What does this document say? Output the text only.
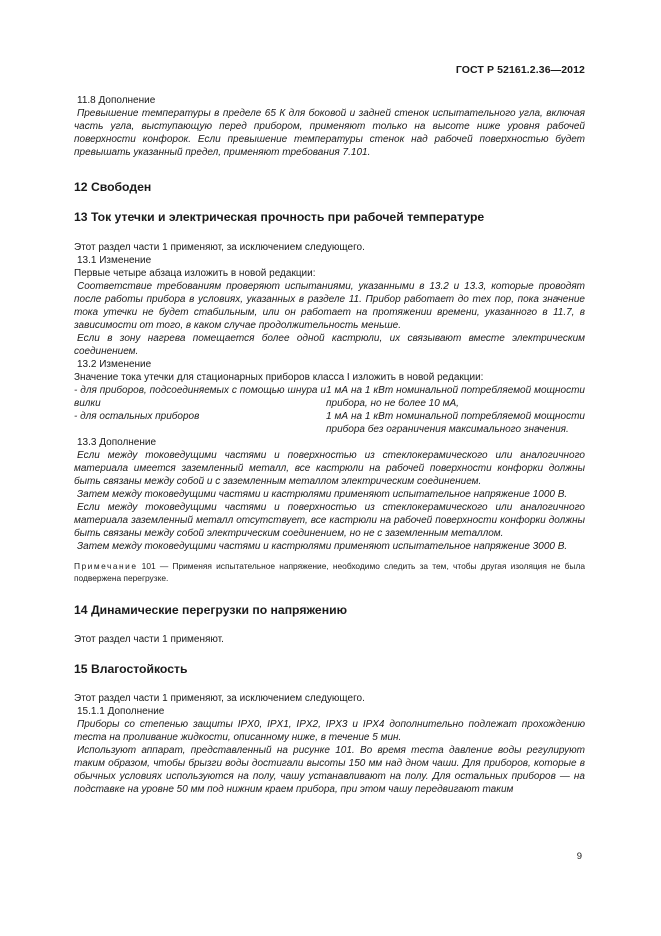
ГОСТ Р 52161.2.36—2012

11.8 Дополнение

Превышение температуры в пределе 65 К для боковой и задней стенок испытательного угла, включая часть угла, выступающую перед прибором, применяют только на высоте ниже уровня рабочей поверхности конфорок. Если превышение температуры стенок над рабочей поверхностью будет превышать указанный предел, применяют требования 7.101.

12 Свободен
13 Ток утечки и электрическая прочность при рабочей температуре

Этот раздел части 1 применяют, за исключением следующего.

13.1 Изменение

Первые четыре абзаца изложить в новой редакции:

Соответствие требованиям проверяют испытаниями, указанными в 13.2 и 13.3, которые проводят после работы прибора в условиях, указанных в разделе 11. Прибор работает до тех пор, пока значение тока утечки не будет стабильным, или он работает на протяжении времени, указанного в 11.7, в зависимости от того, в каком случае продолжительность меньше.

Если в зону нагрева помещается более одной кастрюли, их связывают вместе электрическим соединением.

13.2 Изменение

Значение тока утечки для стационарных приборов класса I изложить в новой редакции:

- для приборов, подсоединяемых с помощью шнура и вилки

1 мА на 1 кВт номинальной потребляемой мощности прибора, но не более 10 мА,

- для остальных приборов	1 мА на 1 кВт номинальной потребляемой мощности прибора без ограничения максимального значения.

13.3 Дополнение

Если между токоведущими частями и поверхностью из стеклокерамического или аналогичного материала имеется заземленный металл, все кастрюли на рабочей поверхности конфорки должны быть связаны между собой и с заземленным металлом электрическим соединением.

Затем между токоведущими частями и кастрюлями применяют испытательное напряжение 1000 В.

Если между токоведущими частями и поверхностью из стеклокерамического или аналогичного материала заземленный металл отсутствует, все кастрюли на рабочей поверхности конфорки должны быть связаны между собой электрическим соединением, но не с заземленным металлом.

Затем между токоведущими частями и кастрюлями применяют испытательное напряжение 3000 В.

Примечание 101 — Применяя испытательное напряжение, необходимо следить за тем, чтобы другая изоляция не была подвержена перегрузке.

14 Динамические перегрузки по напряжению

Этот раздел части 1 применяют.

15 Влагостойкость

Этот раздел части 1 применяют, за исключением следующего.

15.1.1 Дополнение

Приборы со степенью защиты IPX0, IPX1, IPX2, IPX3 и IPX4 дополнительно подлежат прохождению теста на проливание жидкости, описанному ниже, в течение 5 мин.

Используют аппарат, представленный на рисунке 101. Во время теста давление воды регулируют таким образом, чтобы брызги воды достигали высоты 150 мм над дном чаши. Для приборов, которые в обычных условиях используются на полу, чашу устанавливают на полу. Для остальных приборов — на подставке на уровне 50 мм под нижним краем прибора, при этом чашу передвигают таким

9
